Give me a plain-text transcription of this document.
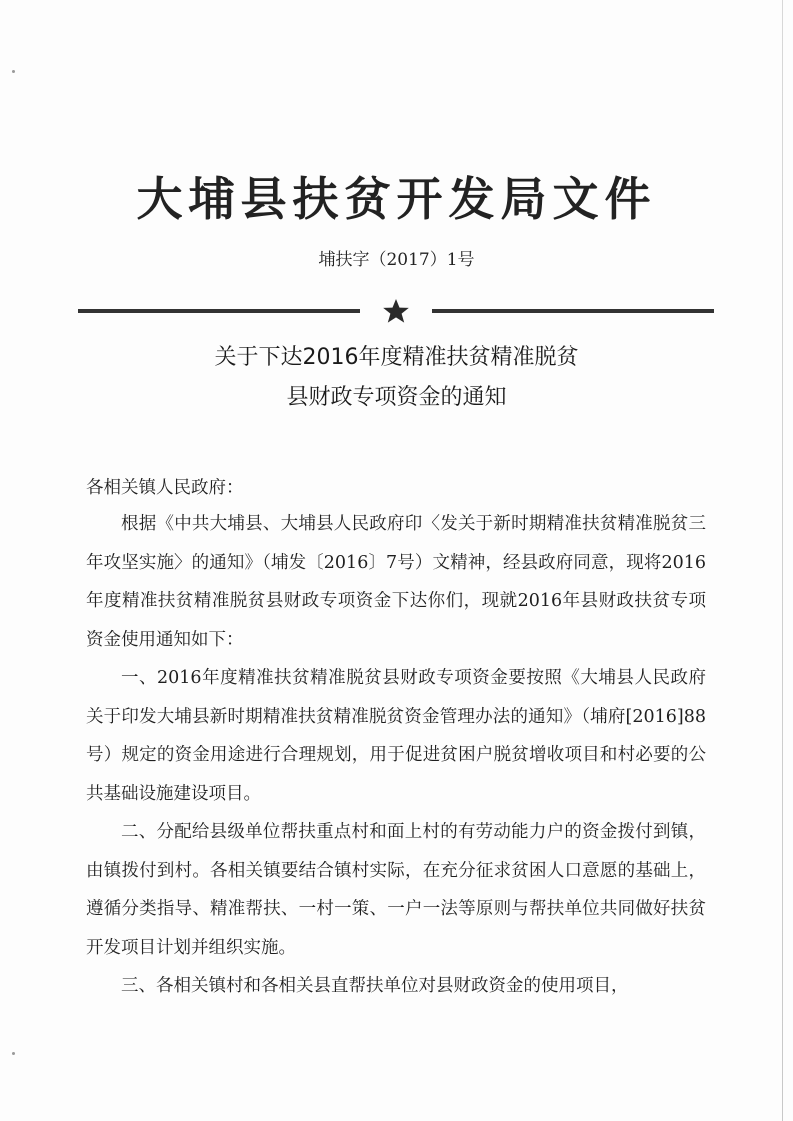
大埔县扶贫开发局文件
埔扶字（2017）1号
关于下达2016年度精准扶贫精准脱贫
县财政专项资金的通知
各相关镇人民政府：
根据《中共大埔县、大埔县人民政府印〈发关于新时期精准扶贫精准脱贫三年攻坚实施〉的通知》（埔发〔2016〕7号）文精神，经县政府同意，现将2016年度精准扶贫精准脱贫县财政专项资金下达你们，现就2016年县财政扶贫专项资金使用通知如下：
一、2016年度精准扶贫精准脱贫县财政专项资金要按照《大埔县人民政府关于印发大埔县新时期精准扶贫精准脱贫资金管理办法的通知》（埔府[2016]88号）规定的资金用途进行合理规划，用于促进贫困户脱贫增收项目和村必要的公共基础设施建设项目。
二、分配给县级单位帮扶重点村和面上村的有劳动能力户的资金拨付到镇，由镇拨付到村。各相关镇要结合镇村实际，在充分征求贫困人口意愿的基础上，遵循分类指导、精准帮扶、一村一策、一户一法等原则与帮扶单位共同做好扶贫开发项目计划并组织实施。
三、各相关镇村和各相关县直帮扶单位对县财政资金的使用项目，
